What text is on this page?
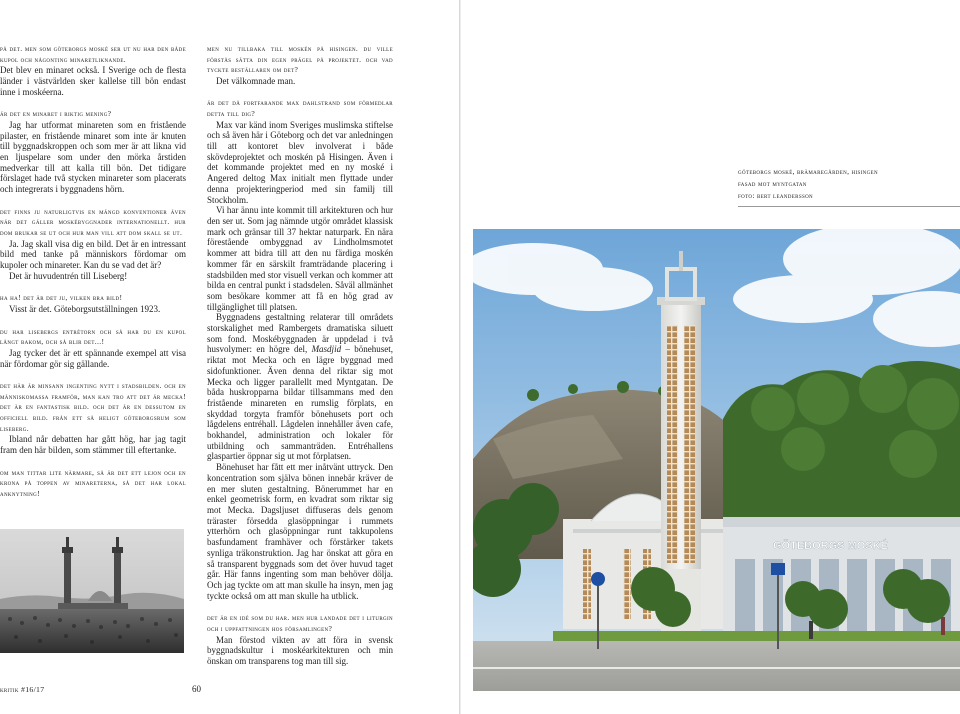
på det. men som göteborgs moské ser ut nu har den både kupol och någonting minaretliknande.

Det blev en minaret också. I Sverige och de flesta länder i västvärlden sker kallelse till bön endast inne i moskéerna.

är det en minaret i riktig mening?

Jag har utformat minareten som en fristående pilaster, en fristående minaret som inte är knuten till byggnadskroppen och som mer är att likna vid en ljuspelare som under den mörka årstiden medverkar till att kalla till bön. Det tidigare förslaget hade två stycken minareter som placerats och integrerats i byggnadens hörn.

det finns ju naturligtvis en mängd konventioner även när det gäller moskébyggnader internationellt. hur dom brukar se ut och hur man vill att dom skall se ut.

Ja. Jag skall visa dig en bild. Det är en intressant bild med tanke på människors fördomar om kupoler och minareter. Kan du se vad det är?

Det är huvudentrén till Liseberg!

ha ha! det är det ju, vilken bra bild!

Visst är det. Göteborgsutställningen 1923.

du har lisebergs entrétorn och så har du en kupol långt bakom, och så blir det...!

Jag tycker det är ett spännande exempel att visa när fördomar gör sig gällande.

det här är minsann ingenting nytt i stadsbilden. och en människomassa framför, man kan tro att det är mecka! det är en fantastisk bild. och det är en dessutom en officiell bild. från ett så heligt göteborgsrum som liseberg.

Ibland når debatten har gått hög, har jag tagit fram den här bilden, som stämmer till eftertanke.

om man tittar lite närmare, så är det ett lejon och en krona på toppen av minareterna, så det har lokal anknytning!

kritik #16/17	60

men nu tillbaka till moskén på hisingen. du ville förstås sätta din egen prägel på projektet. och vad tyckte beställaren om det?

Det välkomnade man.

är det då fortfarande max dahlstrand som förmedlar detta till dig?

Max var känd inom Sveriges muslimska stiftelse och så även här i Göteborg och det var anledningen till att kontoret blev involverat i både skövdeprojektet och moskén på Hisingen. Även i det kommande projektet med en ny moské i Angered deltog Max initialt men flyttade under denna projekteringperiod med sin familj till Stockholm.

Vi har ännu inte kommit till arkitekturen och hur den ser ut. Som jag nämnde utgör området klassisk mark och gränsar till 37 hektar naturpark. En nära förestående ombyggnad av Lindholmsmotet kommer att bidra till att den nu färdiga moskén kommer får en särskilt framträdande placering i stadsbilden med stor visuell verkan och kommer att bilda en central punkt i stadsdelen. Såväl allmänhet som besökare kommer att få en hög grad av tillgänglighet till platsen.

Byggnadens gestaltning relaterar till områdets storskalighet med Rambergets dramatiska siluett som fond. Moskébyggnaden är uppdelad i två husvolymer: en högre del, Masdjid – bönehuset, riktat mot Mecka och en lägre byggnad med sidofunktioner. Även denna del riktar sig mot Mecka och ligger parallellt med Myntgatan. De båda huskropparna bildar tillsammans med den fristående minareten en rumslig förplats, en skyddad torgyta framför bönehusets port och lågdelens entréhall. Lågdelen innehåller även cafe, bokhandel, administration och lokaler för utbildning och sammanträden. Entréhallens glaspartier öppnar sig ut mot förplatsen.

Bönehuset har fått ett mer inåtvänt uttryck. Den koncentration som själva bönen innebär kräver de en mer sluten gestaltning. Bönerummet har en enkel geometrisk form, en kvadrat som riktar sig mot Mecka. Dagsljuset diffuseras dels genom träraster försedda glasöppningar i rummets ytterhörn och glasöppningar runt takkupolens basfundament framhäver och förstärker takets synliga träkonstruktion. Jag har önskat att göra en så transparent byggnads som det över huvud taget går. Här fanns ingenting som man behöver dölja. Och jag tyckte om att man skulle ha insyn, men jag tyckte också om att man skulle ha utblick.

det är en idé som du har. men hur landade det i liturgin och i uppfattningen hos församlingen?

Man förstod vikten av att föra in svensk byggnadskultur i moskéarkitekturen och min önskan om transparens tog man till sig.

göteborgs moské, brämaregården, hisingen

fasad mot myntgatan

foto: bert leandersson

GÖTEBORGS MOSKÉ
